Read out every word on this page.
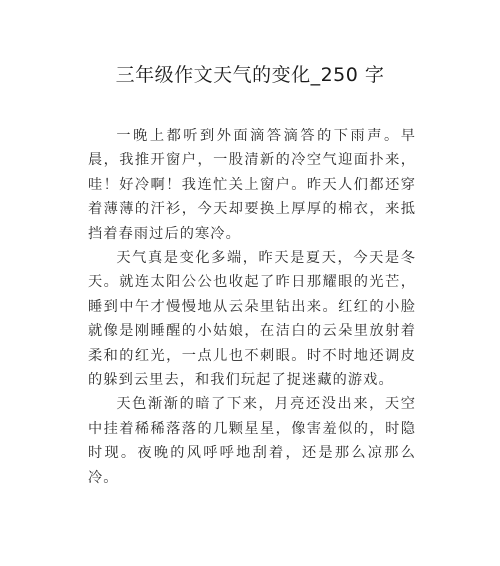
三年级作文天气的变化_250 字

一晚上都听到外面滴答滴答的下雨声。早晨，我推开窗户，一股清新的冷空气迎面扑来，哇！好冷啊！我连忙关上窗户。昨天人们都还穿着薄薄的汗衫，今天却要换上厚厚的棉衣，来抵挡着春雨过后的寒冷。

天气真是变化多端，昨天是夏天，今天是冬天。就连太阳公公也收起了昨日那耀眼的光芒，睡到中午才慢慢地从云朵里钻出来。红红的小脸就像是刚睡醒的小姑娘，在洁白的云朵里放射着柔和的红光，一点儿也不刺眼。时不时地还调皮的躲到云里去，和我们玩起了捉迷藏的游戏。

天色渐渐的暗了下来，月亮还没出来，天空中挂着稀稀落落的几颗星星，像害羞似的，时隐时现。夜晚的风呼呼地刮着，还是那么凉那么冷。
